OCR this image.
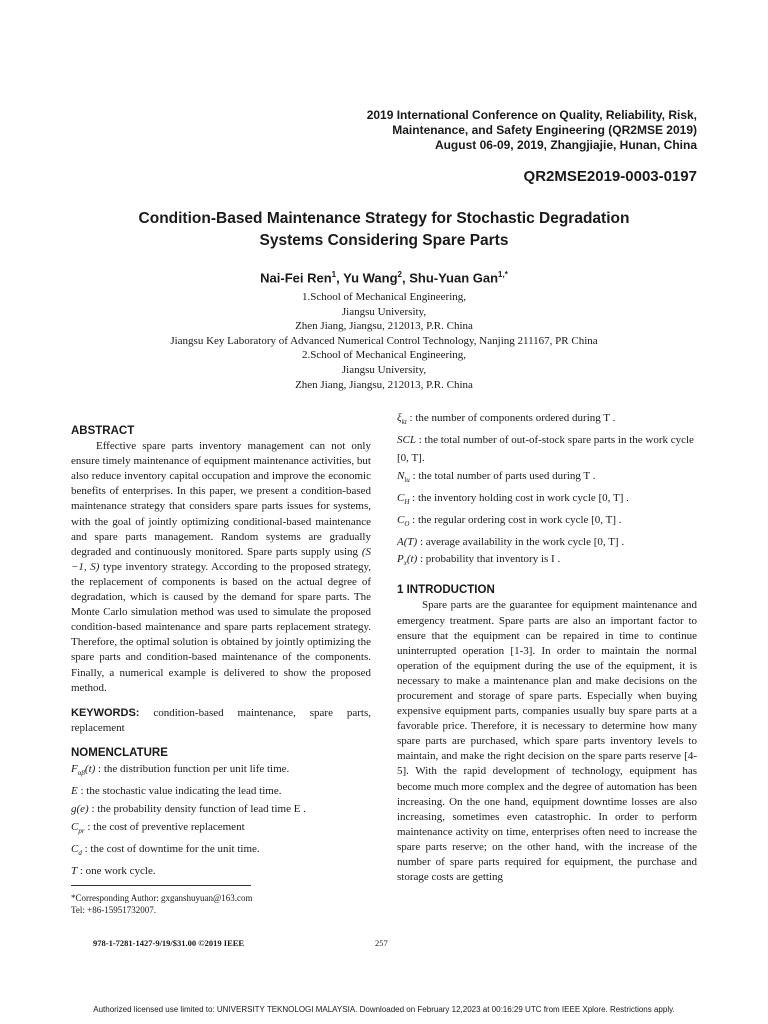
2019 International Conference on Quality, Reliability, Risk,
Maintenance, and Safety Engineering (QR2MSE 2019)
August 06-09, 2019, Zhangjiajie, Hunan, China
QR2MSE2019-0003-0197
Condition-Based Maintenance Strategy for Stochastic Degradation
Systems Considering Spare Parts
Nai-Fei Ren$^1$, Yu Wang$^2$, Shu-Yuan Gan$^{1,*}$
1.School of Mechanical Engineering,
Jiangsu University,
Zhen Jiang, Jiangsu, 212013, P.R. China
Jiangsu Key Laboratory of Advanced Numerical Control Technology, Nanjing 211167, PR China
2.School of Mechanical Engineering,
Jiangsu University,
Zhen Jiang, Jiangsu, 212013, P.R. China
ABSTRACT

Effective spare parts inventory management can not only ensure timely maintenance of equipment maintenance activities, but also reduce inventory capital occupation and improve the economic benefits of enterprises. In this paper, we present a condition-based maintenance strategy that considers spare parts issues for systems, with the goal of jointly optimizing conditional-based maintenance and spare parts management. Random systems are gradually degraded and continuously monitored. Spare parts supply using (S −1, S) type inventory strategy. According to the proposed strategy, the replacement of components is based on the actual degree of degradation, which is caused by the demand for spare parts. The Monte Carlo simulation method was used to simulate the proposed condition-based maintenance and spare parts replacement strategy. Therefore, the optimal solution is obtained by jointly optimizing the spare parts and condition-based maintenance of the components. Finally, a numerical example is delivered to show the proposed method.

KEYWORDS: condition-based maintenance, spare parts, replacement

NOMENCLATURE

$F_{\alpha\beta}(t)$ : the distribution function per unit life time.

E : the stochastic value indicating the lead time.

g(e) : the probability density function of lead time E .

$C_{pr}$ : the cost of preventive replacement

$C_d$ : the cost of downtime for the unit time.

T : one work cycle.

$\xi_{kt}$ : the number of components ordered during T .

SCL : the total number of out-of-stock spare parts in the work cycle [0, T].

$N_{lu}$ : the total number of parts used during T .

$C_H$ : the inventory holding cost in work cycle [0, T] .

$C_O$ : the regular ordering cost in work cycle [0, T] .

A(T) : average availability in the work cycle [0, T] .

$P_x(t)$ : probability that inventory is I .

1 INTRODUCTION

Spare parts are the guarantee for equipment maintenance and emergency treatment. Spare parts are also an important factor to ensure that the equipment can be repaired in time to continue uninterrupted operation [1-3]. In order to maintain the normal operation of the equipment during the use of the equipment, it is necessary to make a maintenance plan and make decisions on the procurement and storage of spare parts. Especially when buying expensive equipment parts, companies usually buy spare parts at a favorable price. Therefore, it is necessary to determine how many spare parts are purchased, which spare parts inventory levels to maintain, and make the right decision on the spare parts reserve [4-5]. With the rapid development of technology, equipment has become much more complex and the degree of automation has been increasing. On the one hand, equipment downtime losses are also increasing, sometimes even catastrophic. In order to perform maintenance activity on time, enterprises often need to increase the spare parts reserve; on the other hand, with the increase of the number of spare parts required for equipment, the purchase and storage costs are getting

*Corresponding Author: gxganshuyuan@163.com
Tel: +86-15951732007.
978-1-7281-1427-9/19/$31.00 ©2019 IEEE	257
Authorized licensed use limited to: UNIVERSITY TEKNOLOGI MALAYSIA. Downloaded on February 12,2023 at 00:16:29 UTC from IEEE Xplore. Restrictions apply.
